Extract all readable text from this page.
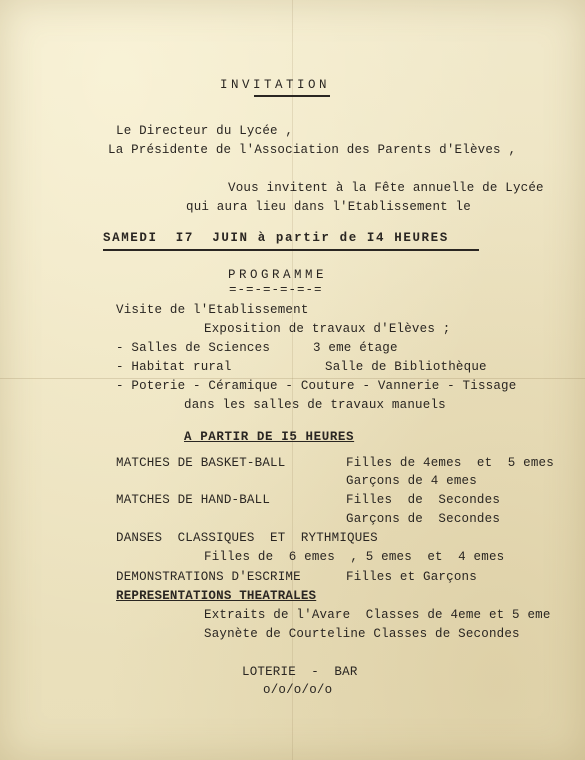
INVITATION
Le Directeur du Lycée ,
La Présidente de l'Association des Parents d'Elèves ,
Vous invitent à la Fête annuelle de Lycée
qui aura lieu dans l'Etablissement le
SAMEDI  I7  JUIN à partir de I4 HEURES
PROGRAMME
=-=-=-=-=-=
Visite de l'Etablissement
Exposition de travaux d'Elèves ;
- Salles de Sciences	3 eme étage
- Habitat rural	Salle de Bibliothèque
- Poterie - Céramique - Couture - Vannerie - Tissage
dans les salles de travaux manuels
A PARTIR DE I5 HEURES
MATCHES DE BASKET-BALL	Filles de 4emes  et  5 emes
Garçons de 4 emes
MATCHES DE HAND-BALL	Filles  de  Secondes
Garçons de  Secondes
DANSES  CLASSIQUES  ET  RYTHMIQUES
Filles de  6 emes  , 5 emes  et  4 emes
DEMONSTRATIONS D'ESCRIME	Filles et Garçons
REPRESENTATIONS THEATRALES
Extraits de l'Avare  Classes de 4eme et 5 eme
Saynète de Courteline Classes de Secondes
LOTERIE  -  BAR
o/o/o/o/o
